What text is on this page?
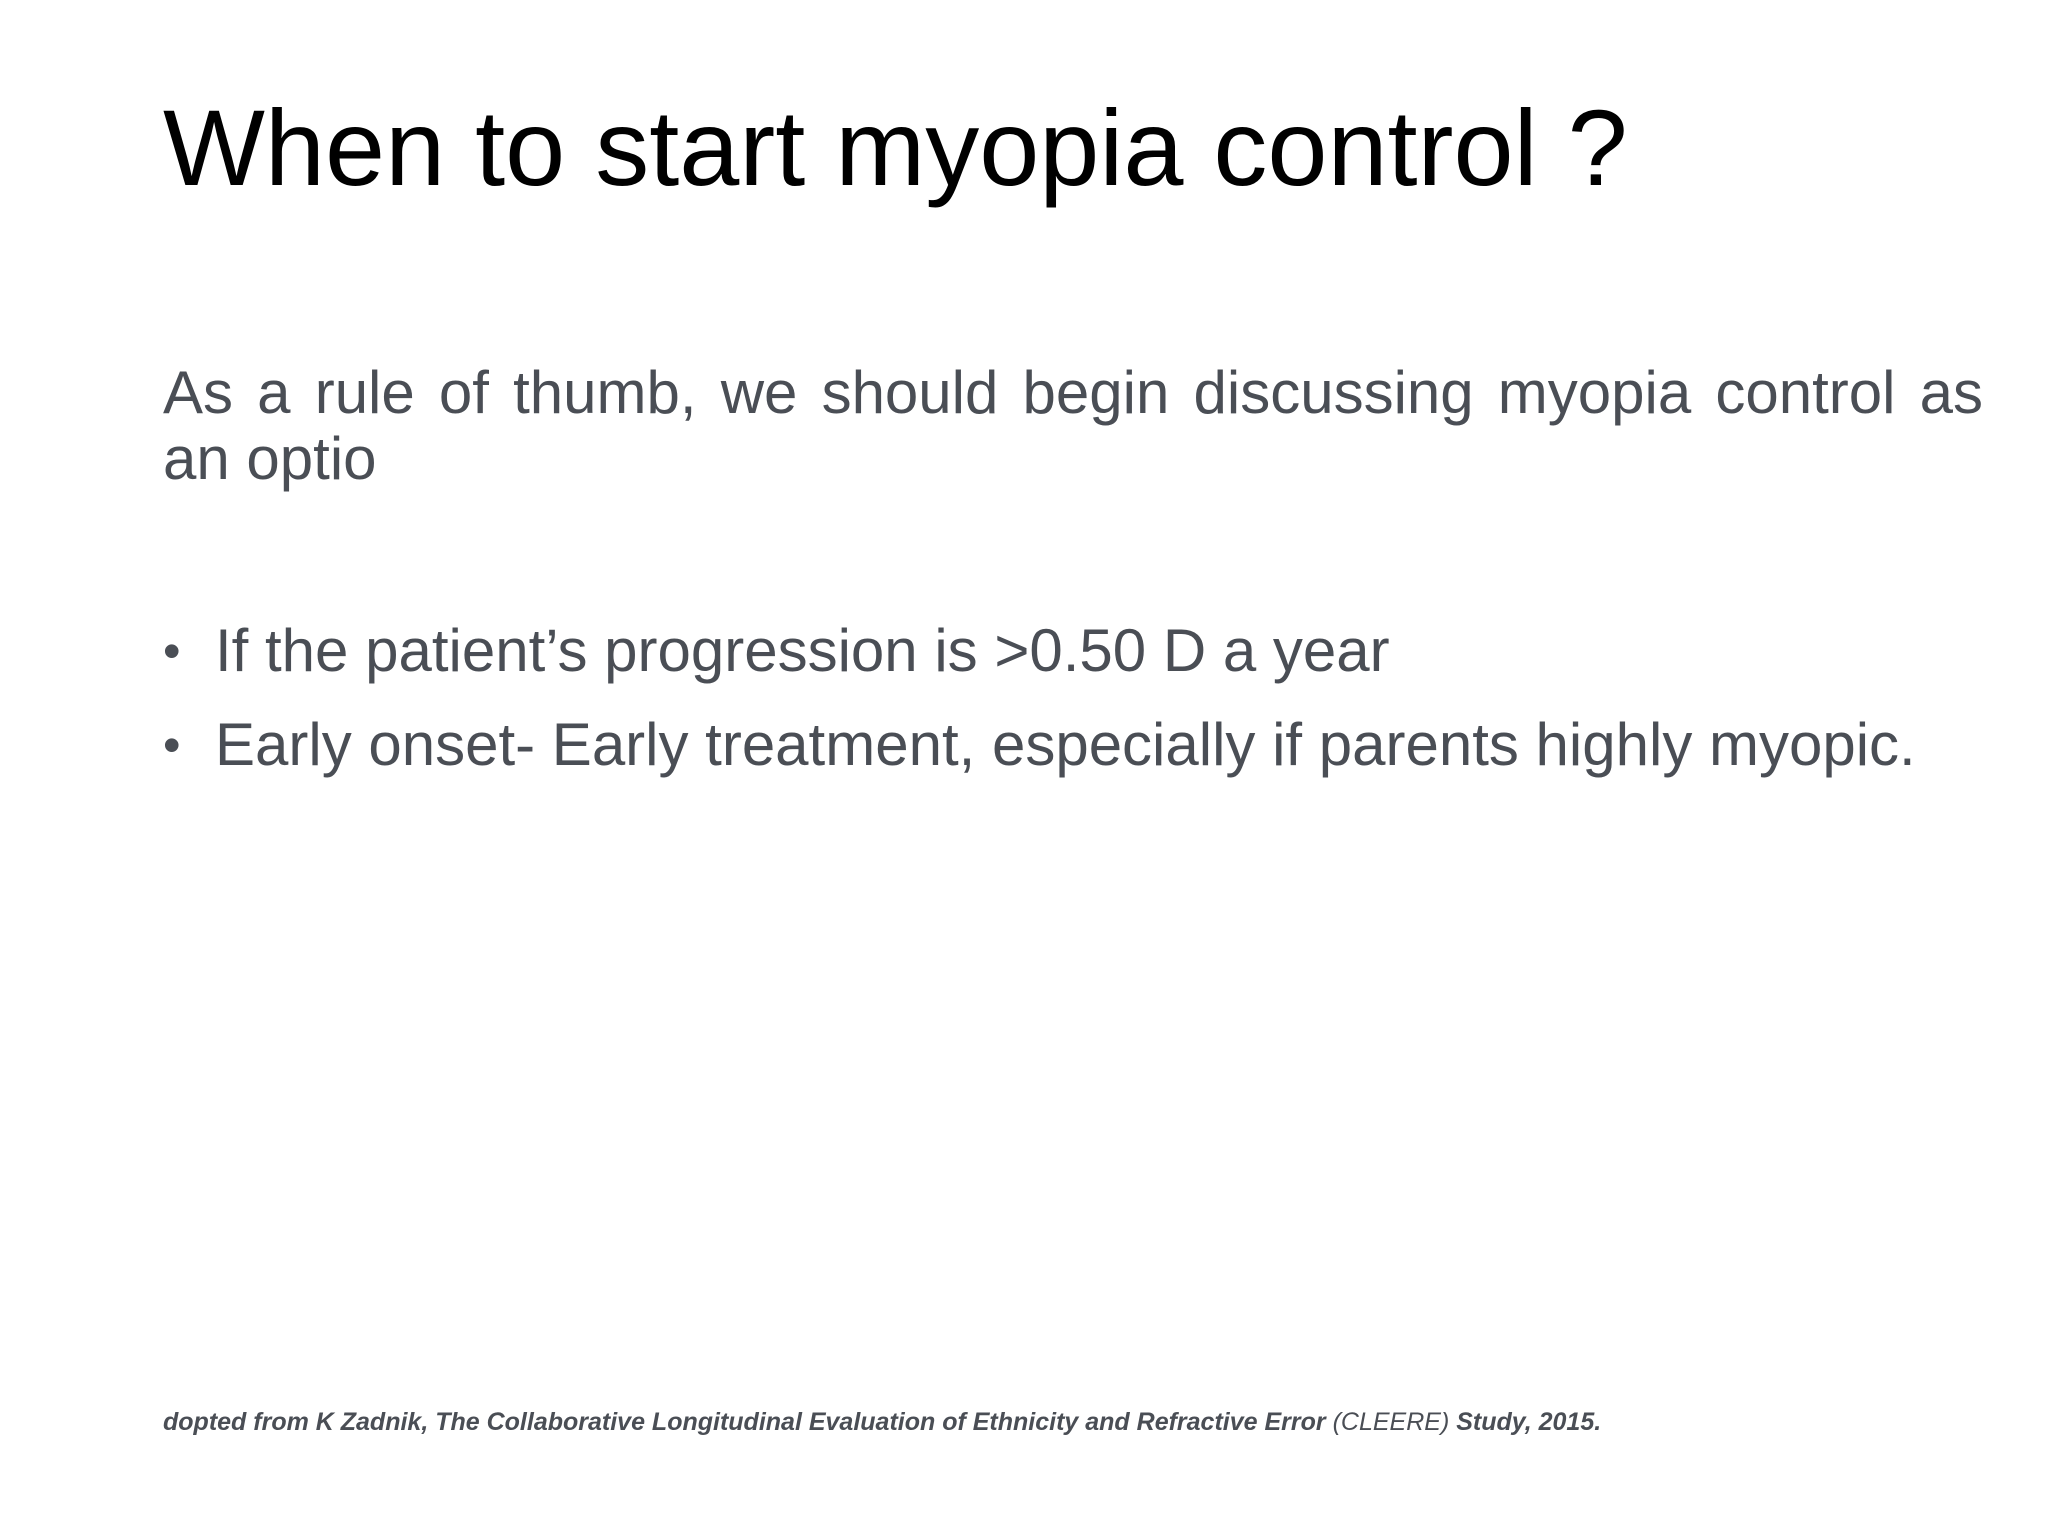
When to start myopia control ?
As a rule of thumb, we should begin discussing myopia control as an optio
• If the patient’s progression is >0.50 D a year
• Early onset- Early treatment, especially if parents highly myopic.
dopted from K Zadnik, The Collaborative Longitudinal Evaluation of Ethnicity and Refractive Error (CLEERE) Study, 2015.
